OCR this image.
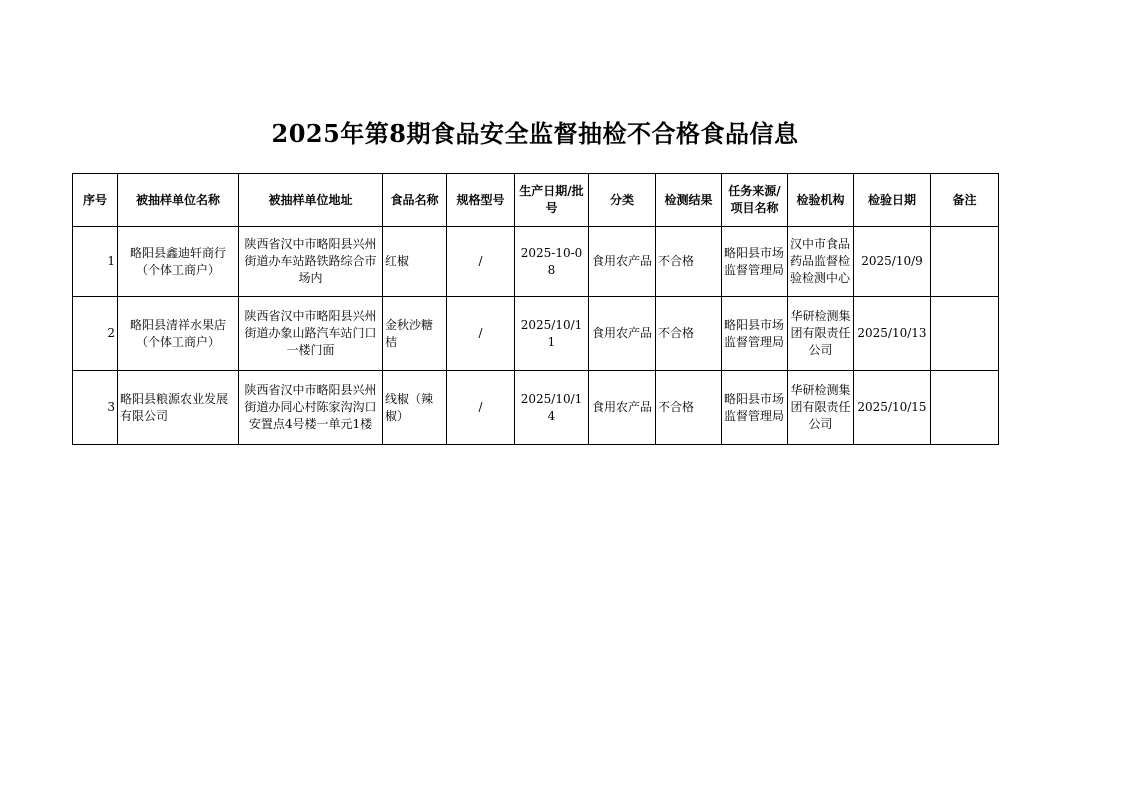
2025年第8期食品安全监督抽检不合格食品信息
序号	被抽样单位名称	被抽样单位地址	食品名称	规格型号	生产日期/批号	分类	检测结果	任务来源/项目名称	检验机构	检验日期	备注
1	略阳县鑫迪轩商行（个体工商户）	陕西省汉中市略阳县兴州街道办车站路铁路综合市场内	红椒	/	2025-10-08	食用农产品	不合格	略阳县市场监督管理局	汉中市食品药品监督检验检测中心	2025/10/9	
2	略阳县清祥水果店（个体工商户）	陕西省汉中市略阳县兴州街道办象山路汽车站门口一楼门面	金秋沙糖桔	/	2025/10/11	食用农产品	不合格	略阳县市场监督管理局	华研检测集团有限责任公司	2025/10/13	
3	略阳县粮源农业发展有限公司	陕西省汉中市略阳县兴州街道办同心村陈家沟沟口安置点4号楼一单元1楼	线椒（辣椒）	/	2025/10/14	食用农产品	不合格	略阳县市场监督管理局	华研检测集团有限责任公司	2025/10/15	
